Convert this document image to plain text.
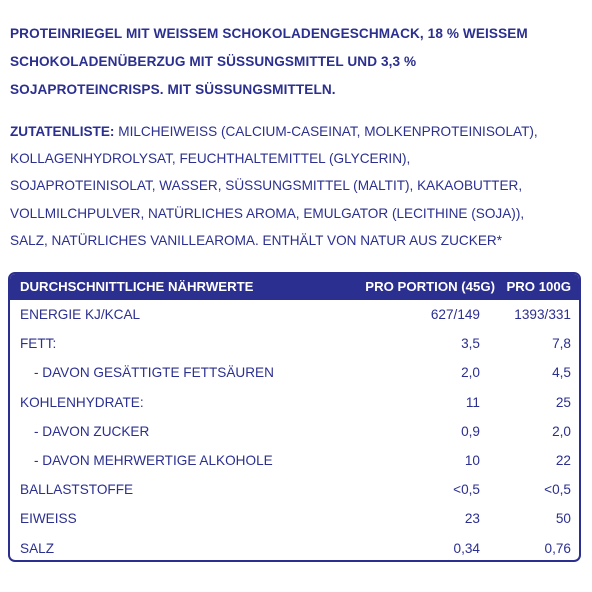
PROTEINRIEGEL MIT WEISSEM SCHOKOLADENGESCHMACK, 18 % WEISSEM
SCHOKOLADENÜBERZUG MIT SÜSSUNGSMITTEL UND 3,3 %
SOJAPROTEINCRISPS. MIT SÜSSUNGSMITTELN.
ZUTATENLISTE: MILCHEIWEISS (CALCIUM-CASEINAT, MOLKENPROTEINISOLAT),
KOLLAGENHYDROLYSAT, FEUCHTHALTEMITTEL (GLYCERIN),
SOJAPROTEINISOLAT, WASSER, SÜSSUNGSMITTEL (MALTIT), KAKAOBUTTER,
VOLLMILCHPULVER, NATÜRLICHES AROMA, EMULGATOR (LECITHINE (SOJA)),
SALZ, NATÜRLICHES VANILLEAROMA. ENTHÄLT VON NATUR AUS ZUCKER*
DURCHSCHNITTLICHE NÄHRWERTE	PRO PORTION (45G) PRO 100G
ENERGIE KJ/KCAL	627/149	1393/331
FETT:	3,5	7,8
- DAVON GESÄTTIGTE FETTSÄUREN	2,0	4,5
KOHLENHYDRATE:	11	25
- DAVON ZUCKER	0,9	2,0
- DAVON MEHRWERTIGE ALKOHOLE	10	22
BALLASTSTOFFE	<0,5	<0,5
EIWEISS	23	50
SALZ	0,34	0,76
